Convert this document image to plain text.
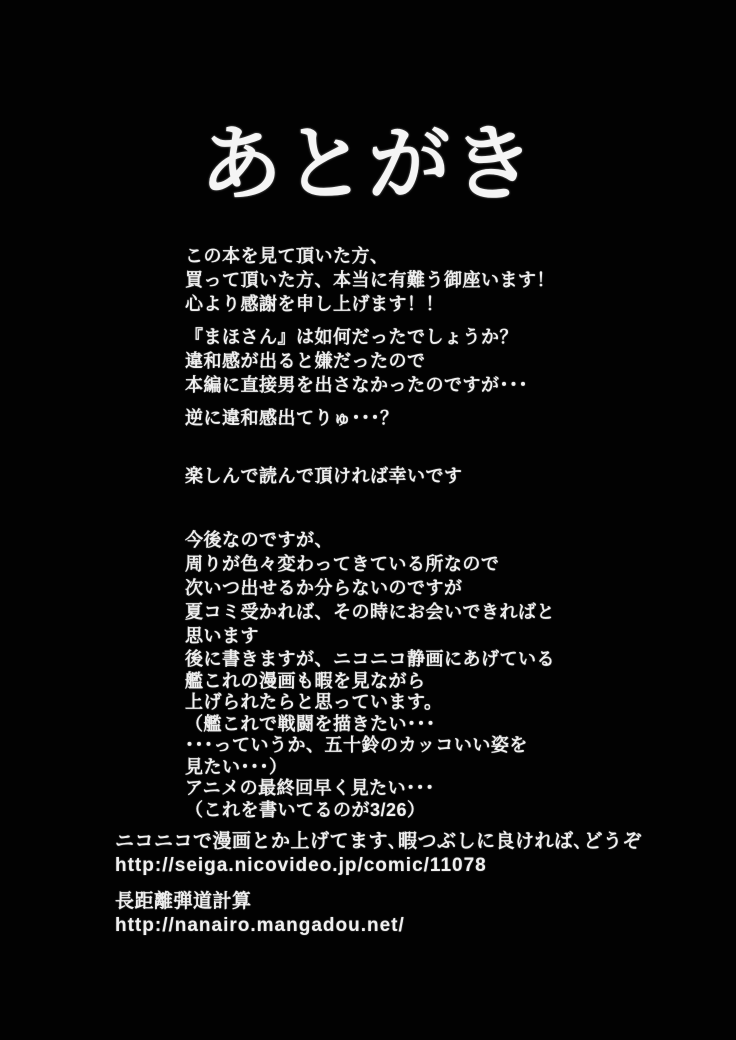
あとがき
この本を見て頂いた方、
買って頂いた方、本当に有難う御座います！
心より感謝を申し上げます！！
『まほさん』は如何だったでしょうか？
違和感が出ると嫌だったので
本編に直接男を出さなかったのですが･･･
逆に違和感出てりゅ･･･？
楽しんで読んで頂ければ幸いです
今後なのですが、
周りが色々変わってきている所なので
次いつ出せるか分らないのですが
夏コミ受かれば、その時にお会いできればと
思います
後に書きますが、ニコニコ静画にあげている
艦これの漫画も暇を見ながら
上げられたらと思っています。
（艦これで戦闘を描きたい･･･
･･･っていうか、五十鈴のカッコいい姿を
見たい･･･）
アニメの最終回早く見たい･･･
（これを書いてるのが3/26）
ニコニコで漫画とか上げてます､暇つぶしに良ければ､どうぞ
http://seiga.nicovideo.jp/comic/11078
長距離弾道計算
http://nanairo.mangadou.net/
